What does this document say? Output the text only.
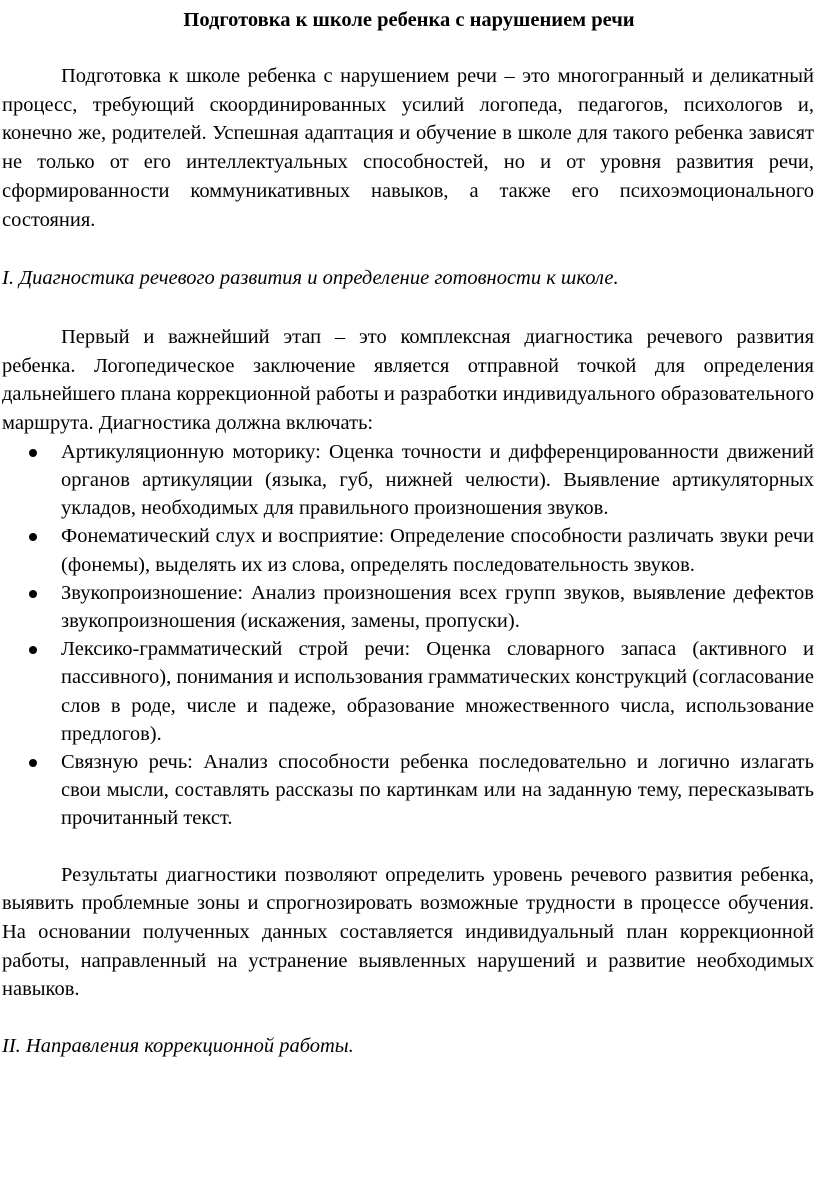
Подготовка к школе ребенка с нарушением речи

Подготовка к школе ребенка с нарушением речи – это многогранный и деликатный процесс, требующий скоординированных усилий логопеда, педагогов, психологов и, конечно же, родителей. Успешная адаптация и обучение в школе для такого ребенка зависят не только от его интеллектуальных способностей, но и от уровня развития речи, сформированности коммуникативных навыков, а также его психоэмоционального состояния.

I. Диагностика речевого развития и определение готовности к школе.

Первый и важнейший этап – это комплексная диагностика речевого развития ребенка. Логопедическое заключение является отправной точкой для определения дальнейшего плана коррекционной работы и разработки индивидуального образовательного маршрута. Диагностика должна включать:

Артикуляционную моторику: Оценка точности и дифференцированности движений органов артикуляции (языка, губ, нижней челюсти). Выявление артикуляторных укладов, необходимых для правильного произношения звуков.
Фонематический слух и восприятие: Определение способности различать звуки речи (фонемы), выделять их из слова, определять последовательность звуков.
Звукопроизношение: Анализ произношения всех групп звуков, выявление дефектов звукопроизношения (искажения, замены, пропуски).
Лексико-грамматический строй речи: Оценка словарного запаса (активного и пассивного), понимания и использования грамматических конструкций (согласование слов в роде, числе и падеже, образование множественного числа, использование предлогов).
Связную речь: Анализ способности ребенка последовательно и логично излагать свои мысли, составлять рассказы по картинкам или на заданную тему, пересказывать прочитанный текст.

Результаты диагностики позволяют определить уровень речевого развития ребенка, выявить проблемные зоны и спрогнозировать возможные трудности в процессе обучения. На основании полученных данных составляется индивидуальный план коррекционной работы, направленный на устранение выявленных нарушений и развитие необходимых навыков.

II. Направления коррекционной работы.
